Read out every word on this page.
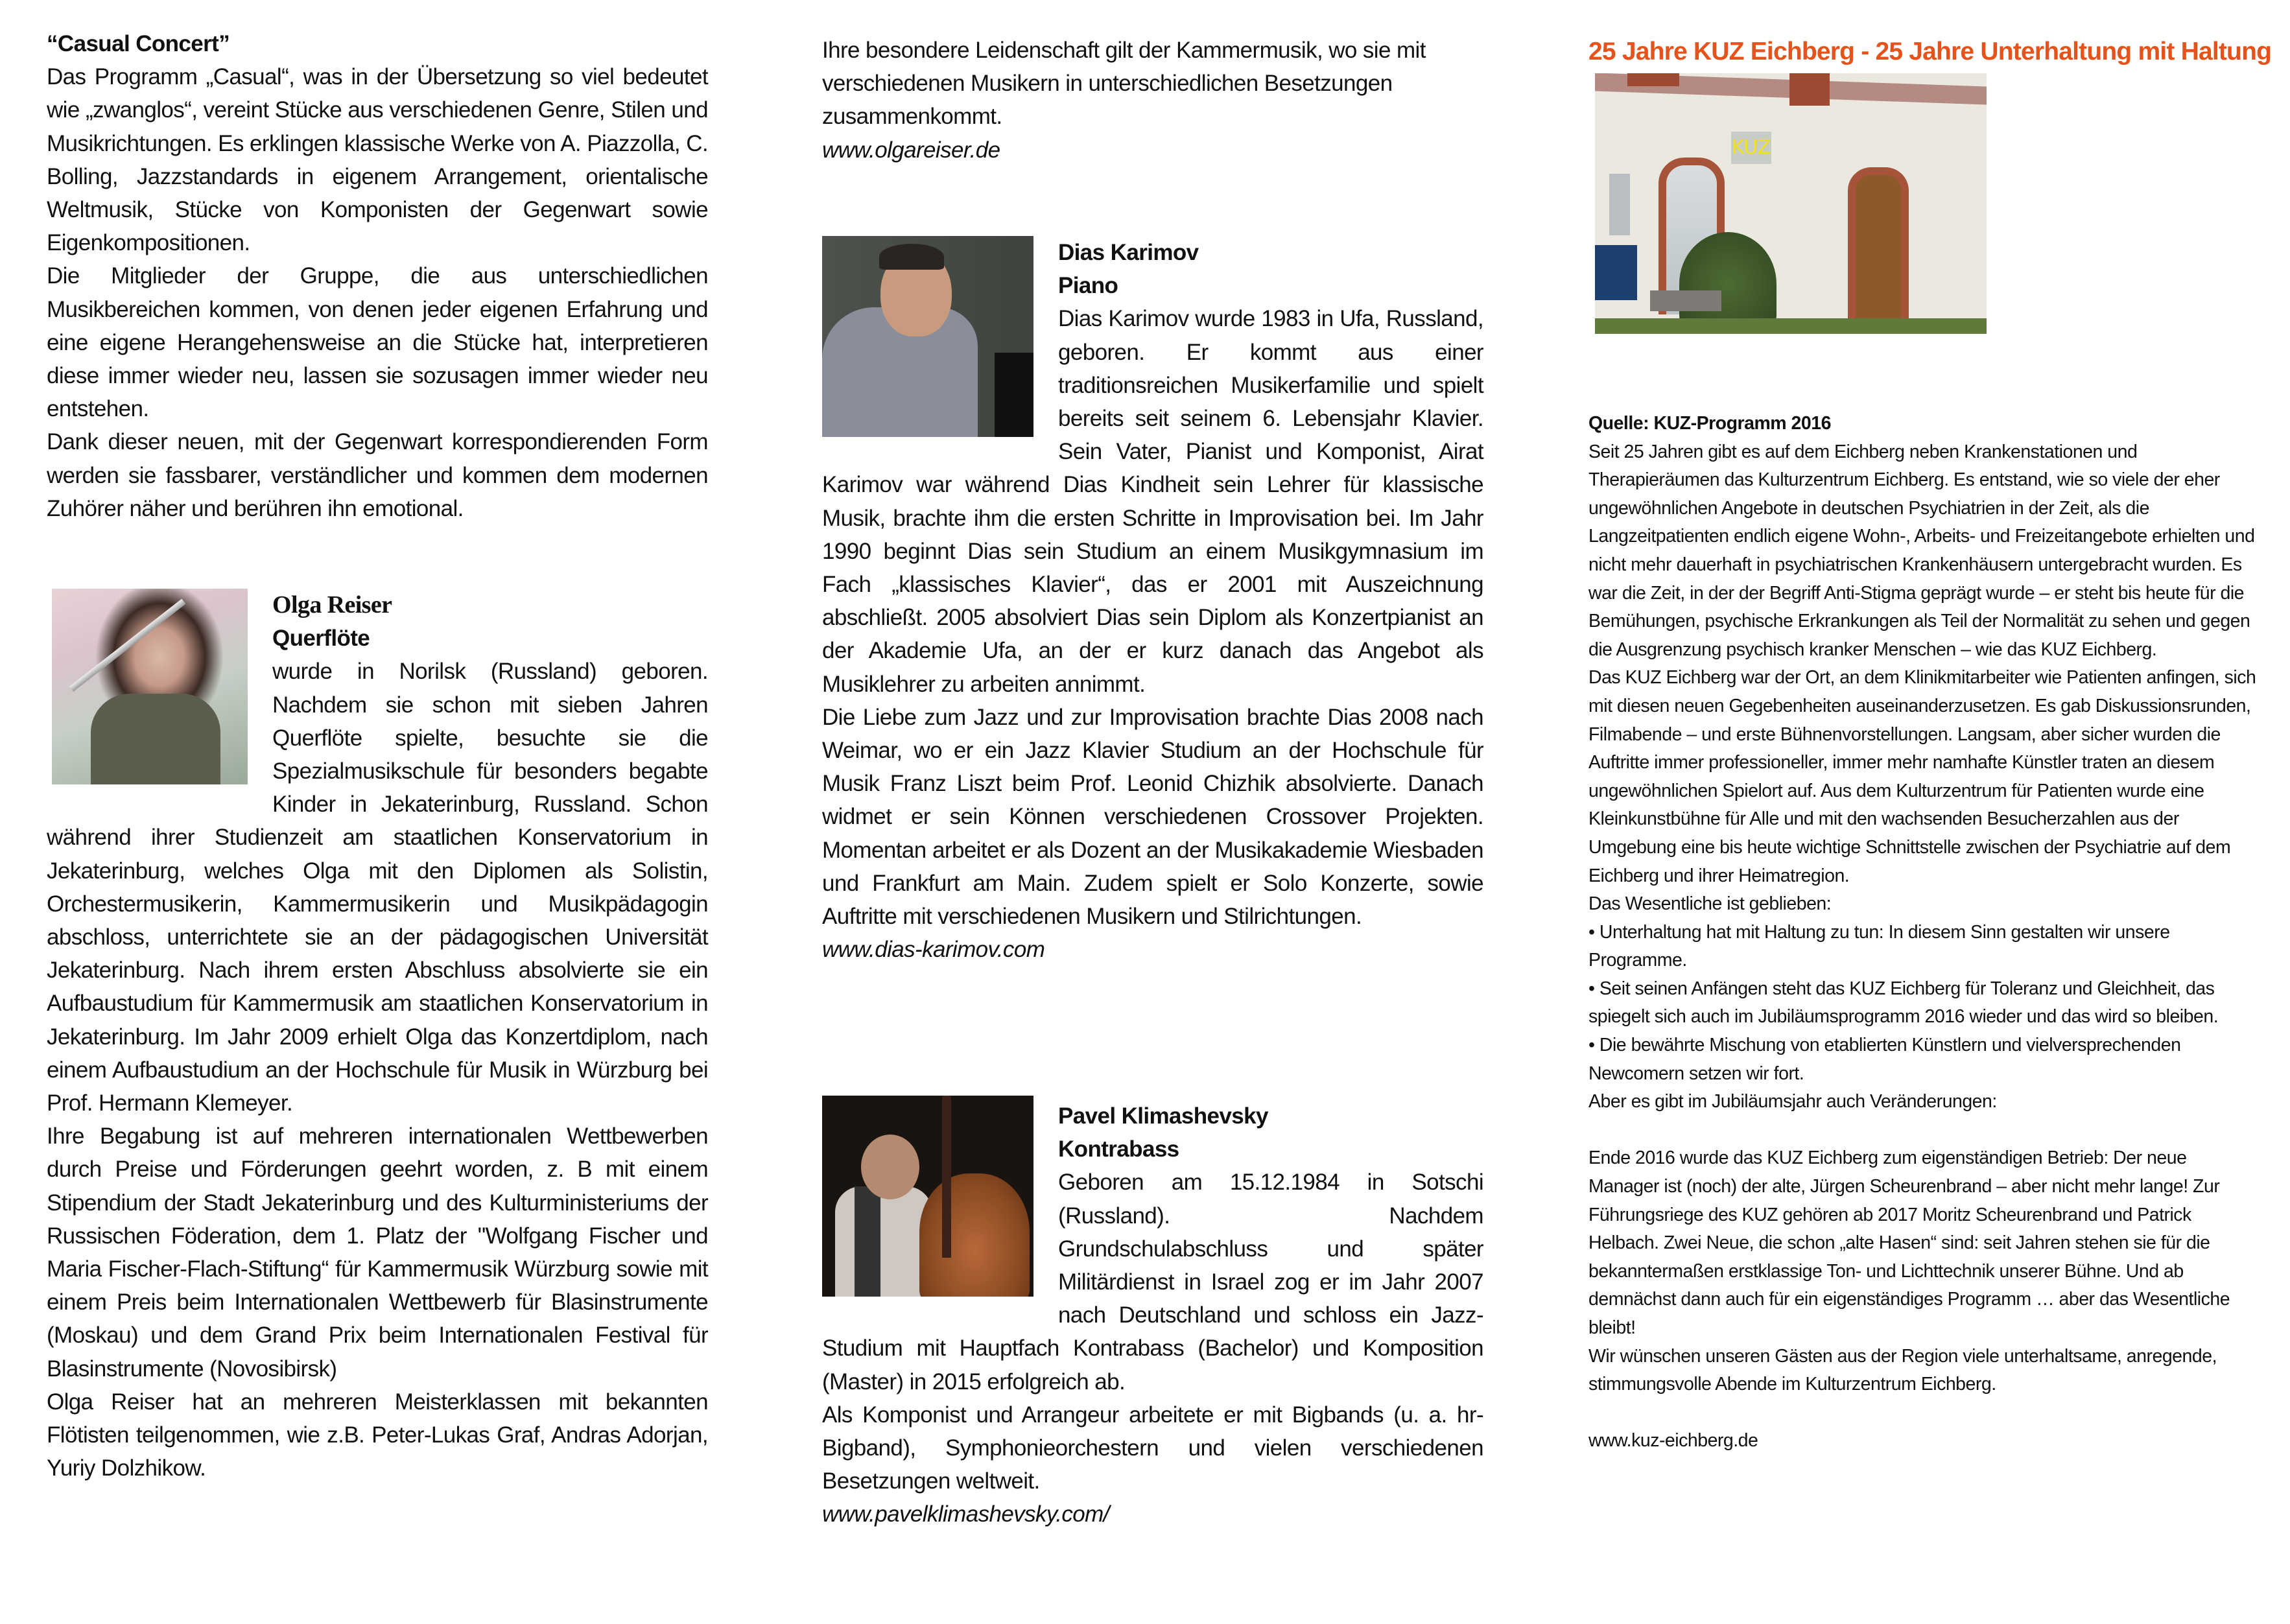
“Casual Concert”

Das Programm „Casual“, was in der Übersetzung so viel bedeutet wie „zwanglos“, vereint Stücke aus verschiedenen Genre, Stilen und Musikrichtungen. Es erklingen klassische Werke von A. Piazzolla, C. Bolling, Jazzstandards in eigenem Arrangement, orientalische Weltmusik, Stücke von Komponisten der Gegenwart sowie Eigenkompositionen.

Die Mitglieder der Gruppe, die aus unterschiedlichen Musikbereichen kommen, von denen jeder eigenen Erfahrung und eine eigene Herangehensweise an die Stücke hat, interpretieren diese immer wieder neu, lassen sie sozusagen immer wieder neu entstehen.

Dank dieser neuen, mit der Gegenwart korrespondierenden Form werden sie fassbarer, verständlicher und kommen dem modernen Zuhörer näher und berühren ihn emotional.

Olga Reiser

Querflöte

wurde in Norilsk (Russland) geboren. Nachdem sie schon mit sieben Jahren Querflöte spielte, besuchte sie die Spezialmusikschule für besonders begabte Kinder in Jekaterinburg, Russland. Schon während ihrer Studienzeit am staatlichen Konservatorium in Jekaterinburg, welches Olga mit den Diplomen als Solistin, Orchestermusikerin, Kammermusikerin und Musikpädagogin abschloss, unterrichtete sie an der pädagogischen Universität Jekaterinburg. Nach ihrem ersten Abschluss absolvierte sie ein Aufbaustudium für Kammermusik am staatlichen Konservatorium in Jekaterinburg. Im Jahr 2009 erhielt Olga das Konzertdiplom, nach einem Aufbaustudium an der Hochschule für Musik in Würzburg bei Prof. Hermann Klemeyer.

Ihre Begabung ist auf mehreren internationalen Wettbewerben durch Preise und Förderungen geehrt worden, z. B mit einem Stipendium der Stadt Jekaterinburg und des Kulturministeriums der Russischen Föderation, dem 1. Platz der "Wolfgang Fischer und Maria Fischer-Flach-Stiftung“ für Kammermusik Würzburg sowie mit einem Preis beim Internationalen Wettbewerb für Blasinstrumente (Moskau) und dem Grand Prix beim Internationalen Festival für Blasinstrumente (Novosibirsk)

Olga Reiser hat an mehreren Meisterklassen mit bekannten Flötisten teilgenommen, wie z.B. Peter-Lukas Graf, Andras Adorjan, Yuriy Dolzhikow.

Ihre besondere Leidenschaft gilt der Kammermusik, wo sie mit verschiedenen Musikern in unterschiedlichen Besetzungen zusammenkommt.

www.olgareiser.de

Dias Karimov

Piano

Dias Karimov wurde 1983 in Ufa, Russland, geboren. Er kommt aus einer traditionsreichen Musikerfamilie und spielt bereits seit seinem 6. Lebensjahr Klavier. Sein Vater, Pianist und Komponist, Airat Karimov war während Dias Kindheit sein Lehrer für klassische Musik, brachte ihm die ersten Schritte in Improvisation bei. Im Jahr 1990 beginnt Dias sein Studium an einem Musikgymnasium im Fach „klassisches Klavier“, das er 2001 mit Auszeichnung abschließt. 2005 absolviert Dias sein Diplom als Konzertpianist an der Akademie Ufa, an der er kurz danach das Angebot als Musiklehrer zu arbeiten annimmt.

Die Liebe zum Jazz und zur Improvisation brachte Dias 2008 nach Weimar, wo er ein Jazz Klavier Studium an der Hochschule für Musik Franz Liszt beim Prof. Leonid Chizhik absolvierte. Danach widmet er sein Können verschiedenen Crossover Projekten. Momentan arbeitet er als Dozent an der Musikakademie Wiesbaden und Frankfurt am Main. Zudem spielt er Solo Konzerte, sowie Auftritte mit verschiedenen Musikern und Stilrichtungen.

www.dias-karimov.com

Pavel Klimashevsky

Kontrabass

Geboren am 15.12.1984 in Sotschi (Russland). Nachdem Grundschulabschluss und später Militärdienst in Israel zog er im Jahr 2007 nach Deutschland und schloss ein Jazz-Studium mit Hauptfach Kontrabass (Bachelor) und Komposition (Master) in 2015 erfolgreich ab.

Als Komponist und Arrangeur arbeitete er mit Bigbands (u. a. hr-Bigband), Symphonieorchestern und vielen verschiedenen Besetzungen weltweit.

www.pavelklimashevsky.com/

25 Jahre KUZ Eichberg - 25 Jahre Unterhaltung mit Haltung

KUZ

Quelle: KUZ-Programm 2016

Seit 25 Jahren gibt es auf dem Eichberg neben Krankenstationen und Therapieräumen das Kulturzentrum Eichberg. Es entstand, wie so viele der eher ungewöhnlichen Angebote in deutschen Psychiatrien in der Zeit, als die Langzeitpatienten endlich eigene Wohn-, Arbeits- und Freizeitangebote erhielten und nicht mehr dauerhaft in psychiatrischen Krankenhäusern untergebracht wurden. Es war die Zeit, in der der Begriff Anti-Stigma geprägt wurde – er steht bis heute für die Bemühungen, psychische Erkrankungen als Teil der Normalität zu sehen und gegen die Ausgrenzung psychisch kranker Menschen – wie das KUZ Eichberg.

Das KUZ Eichberg war der Ort, an dem Klinikmitarbeiter wie Patienten anfingen, sich mit diesen neuen Gegebenheiten auseinanderzusetzen. Es gab Diskussionsrunden, Filmabende – und erste Bühnenvorstellungen. Langsam, aber sicher wurden die Auftritte immer professioneller, immer mehr namhafte Künstler traten an diesem ungewöhnlichen Spielort auf. Aus dem Kulturzentrum für Patienten wurde eine Kleinkunstbühne für Alle und mit den wachsenden Besucherzahlen aus der Umgebung eine bis heute wichtige Schnittstelle zwischen der Psychiatrie auf dem Eichberg und ihrer Heimatregion.

Das Wesentliche ist geblieben:

• Unterhaltung hat mit Haltung zu tun: In diesem Sinn gestalten wir unsere Programme.

• Seit seinen Anfängen steht das KUZ Eichberg für Toleranz und Gleichheit, das spiegelt sich auch im Jubiläumsprogramm 2016 wieder und das wird so bleiben.

• Die bewährte Mischung von etablierten Künstlern und vielversprechenden Newcomern setzen wir fort.

Aber es gibt im Jubiläumsjahr auch Veränderungen:

Ende 2016 wurde das KUZ Eichberg zum eigenständigen Betrieb: Der neue Manager ist (noch) der alte, Jürgen Scheurenbrand – aber nicht mehr lange! Zur Führungsriege des KUZ gehören ab 2017 Moritz Scheurenbrand und Patrick Helbach. Zwei Neue, die schon „alte Hasen“ sind: seit Jahren stehen sie für die bekanntermaßen erstklassige Ton- und Lichttechnik unserer Bühne. Und ab demnächst dann auch für ein eigenständiges Programm … aber das Wesentliche bleibt!

Wir wünschen unseren Gästen aus der Region viele unterhaltsame, anregende, stimmungsvolle Abende im Kulturzentrum Eichberg.

www.kuz-eichberg.de
